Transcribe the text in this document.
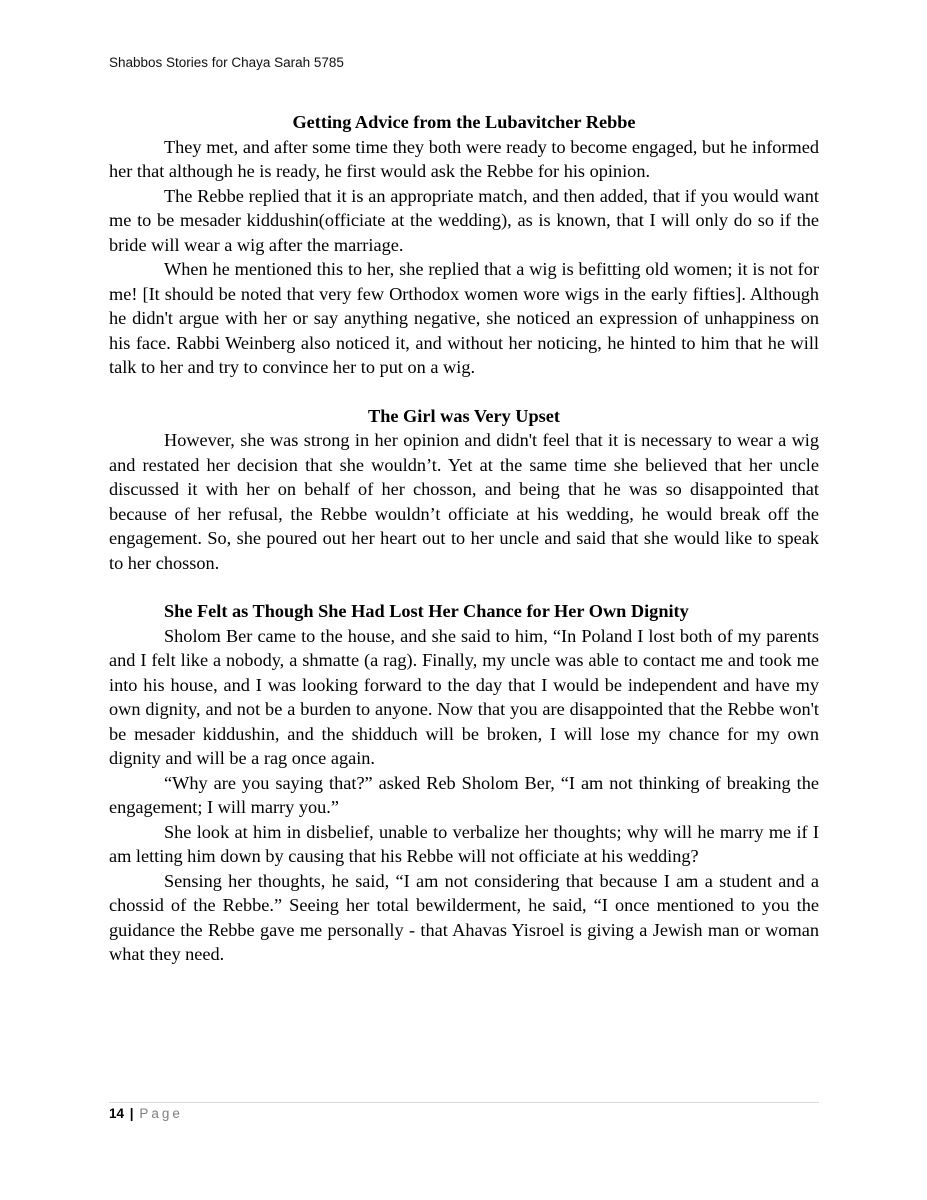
Shabbos Stories for Chaya Sarah 5785
Getting Advice from the Lubavitcher Rebbe

They met, and after some time they both were ready to become engaged, but he informed her that although he is ready, he first would ask the Rebbe for his opinion.

The Rebbe replied that it is an appropriate match, and then added, that if you would want me to be mesader kiddushin(officiate at the wedding), as is known, that I will only do so if the bride will wear a wig after the marriage.

When he mentioned this to her, she replied that a wig is befitting old women; it is not for me! [It should be noted that very few Orthodox women wore wigs in the early fifties]. Although he didn't argue with her or say anything negative, she noticed an expression of unhappiness on his face. Rabbi Weinberg also noticed it, and without her noticing, he hinted to him that he will talk to her and try to convince her to put on a wig.

The Girl was Very Upset

However, she was strong in her opinion and didn't feel that it is necessary to wear a wig and restated her decision that she wouldn’t. Yet at the same time she believed that her uncle discussed it with her on behalf of her chosson, and being that he was so disappointed that because of her refusal, the Rebbe wouldn’t officiate at his wedding, he would break off the engagement. So, she poured out her heart out to her uncle and said that she would like to speak to her chosson.

She Felt as Though She Had Lost Her Chance for Her Own Dignity

Sholom Ber came to the house, and she said to him, “In Poland I lost both of my parents and I felt like a nobody, a shmatte (a rag). Finally, my uncle was able to contact me and took me into his house, and I was looking forward to the day that I would be independent and have my own dignity, and not be a burden to anyone. Now that you are disappointed that the Rebbe won't be mesader kiddushin, and the shidduch will be broken, I will lose my chance for my own dignity and will be a rag once again.

“Why are you saying that?” asked Reb Sholom Ber, “I am not thinking of breaking the engagement; I will marry you.”

She look at him in disbelief, unable to verbalize her thoughts; why will he marry me if I am letting him down by causing that his Rebbe will not officiate at his wedding?

Sensing her thoughts, he said, “I am not considering that because I am a student and a chossid of the Rebbe.” Seeing her total bewilderment, he said, “I once mentioned to you the guidance the Rebbe gave me personally - that Ahavas Yisroel is giving a Jewish man or woman what they need.

14 | Page
